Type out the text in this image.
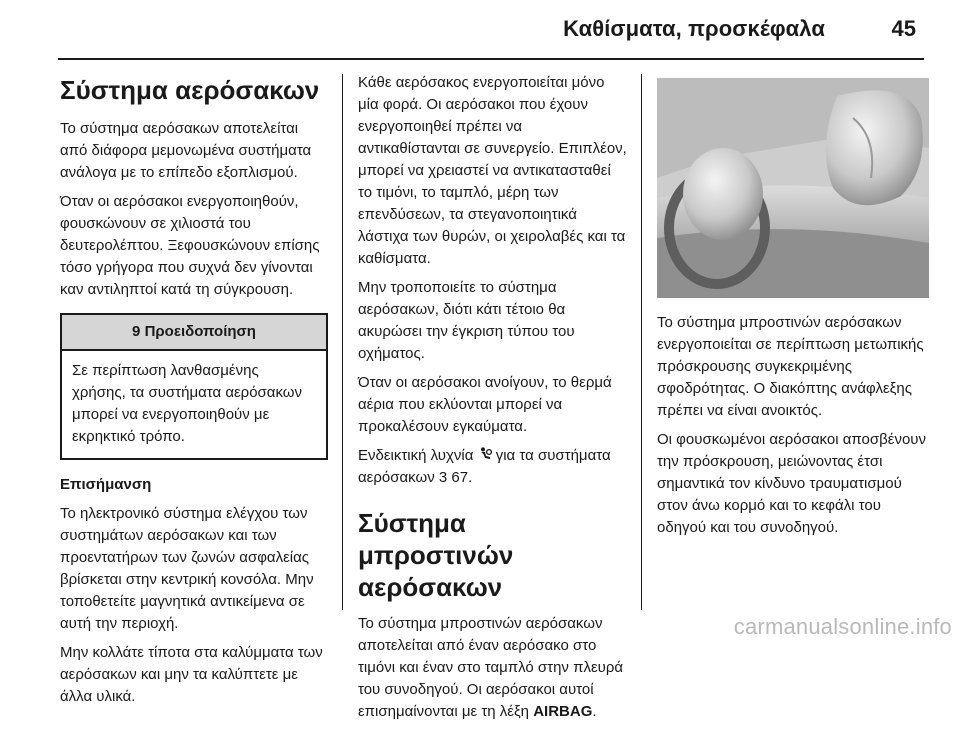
Καθίσματα, προσκέφαλα	45
Σύστημα αερόσακων

Το σύστημα αερόσακων αποτελείται από διάφορα μεμονωμένα συστήματα ανάλογα με το επίπεδο εξοπλισμού.

Όταν οι αερόσακοι ενεργοποιηθούν, φουσκώνουν σε χιλιοστά του δευτερολέπτου. Ξεφουσκώνουν επίσης τόσο γρήγορα που συχνά δεν γίνονται καν αντιληπτοί κατά τη σύγκρουση.

9 Προειδοποίηση
Σε περίπτωση λανθασμένης χρήσης, τα συστήματα αερόσακων μπορεί να ενεργοποιηθούν με εκρηκτικό τρόπο.

Επισήμανση

Το ηλεκτρονικό σύστημα ελέγχου των συστημάτων αερόσακων και των προεντατήρων των ζωνών ασφαλείας βρίσκεται στην κεντρική κονσόλα. Μην τοποθετείτε μαγνητικά αντικείμενα σε αυτή την περιοχή.

Μην κολλάτε τίποτα στα καλύμματα των αερόσακων και μην τα καλύπτετε με άλλα υλικά.

Κάθε αερόσακος ενεργοποιείται μόνο μία φορά. Οι αερόσακοι που έχουν ενεργοποιηθεί πρέπει να αντικαθίστανται σε συνεργείο. Επιπλέον, μπορεί να χρειαστεί να αντικατασταθεί το τιμόνι, το ταμπλό, μέρη των επενδύσεων, τα στεγανοποιητικά λάστιχα των θυρών, οι χειρολαβές και τα καθίσματα.

Μην τροποποιείτε το σύστημα αερόσακων, διότι κάτι τέτοιο θα ακυρώσει την έγκριση τύπου του οχήματος.

Όταν οι αερόσακοι ανοίγουν, το θερμά αέρια που εκλύονται μπορεί να προκαλέσουν εγκαύματα.

Ενδεικτική λυχνία για τα συστήματα αερόσακων 3 67.

Σύστημα μπροστινών αερόσακων

Το σύστημα μπροστινών αερόσακων αποτελείται από έναν αερόσακο στο τιμόνι και έναν στο ταμπλό στην πλευρά του συνοδηγού. Οι αερόσακοι αυτοί επισημαίνονται με τη λέξη AIRBAG.

Το σύστημα μπροστινών αερόσακων ενεργοποιείται σε περίπτωση μετωπικής πρόσκρουσης συγκεκριμένης σφοδρότητας. Ο διακόπτης ανάφλεξης πρέπει να είναι ανοικτός.

Οι φουσκωμένοι αερόσακοι αποσβένουν την πρόσκρουση, μειώνοντας έτσι σημαντικά τον κίνδυνο τραυματισμού στον άνω κορμό και το κεφάλι του οδηγού και του συνοδηγού.

carmanualsonline.info
